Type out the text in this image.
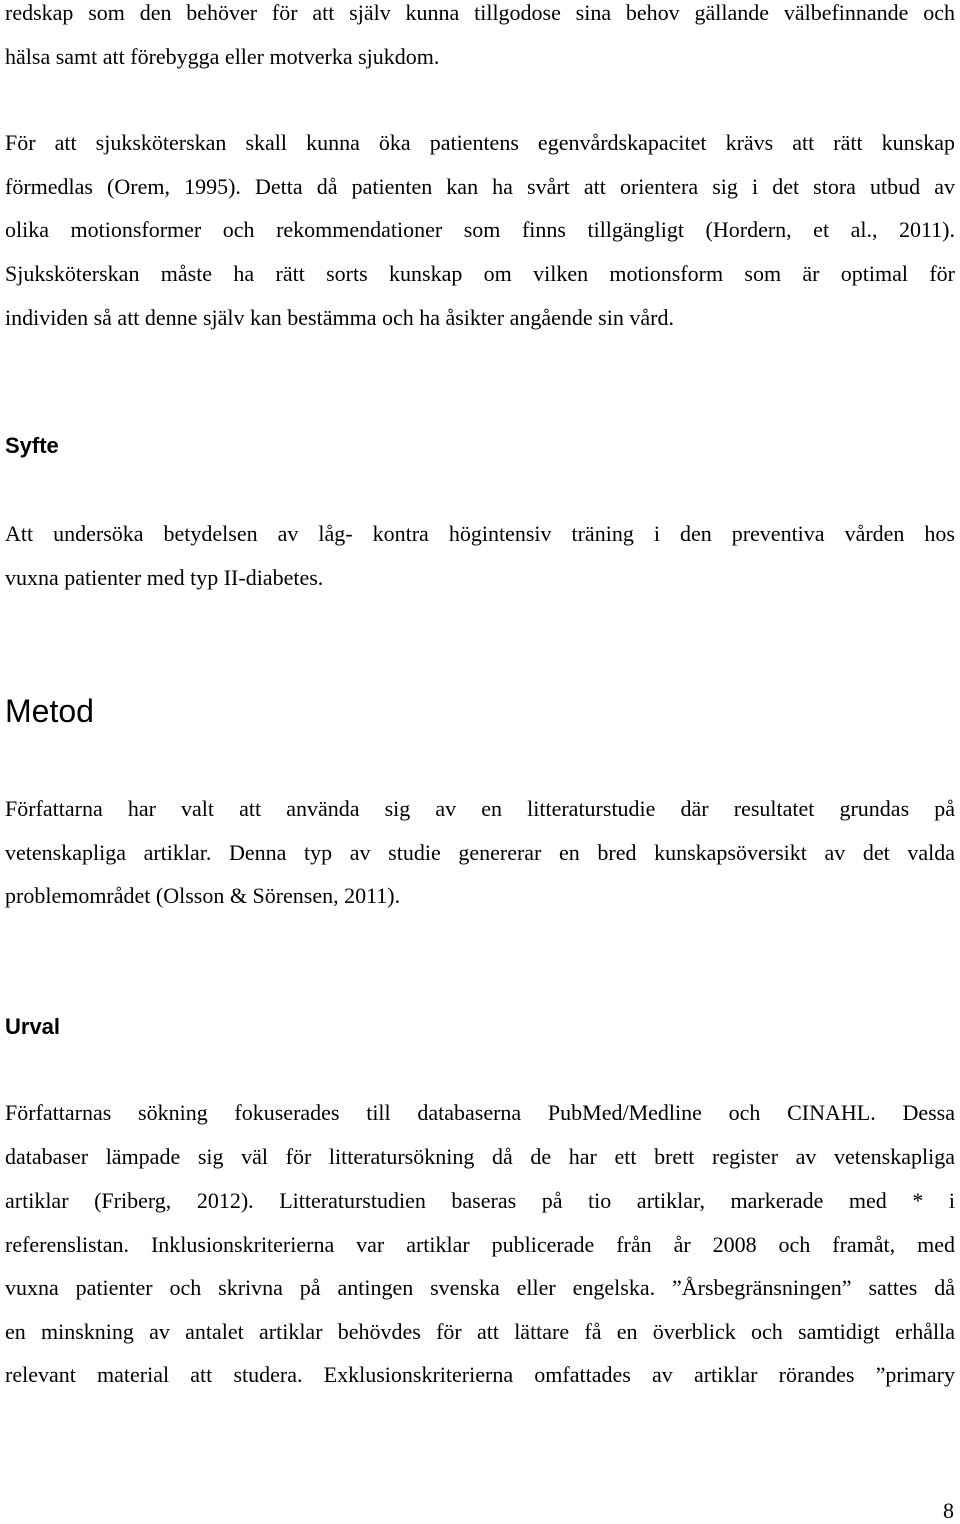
redskap som den behöver för att själv kunna tillgodose sina behov gällande välbefinnande och
hälsa samt att förebygga eller motverka sjukdom.
För att sjuksköterskan skall kunna öka patientens egenvårdskapacitet krävs att rätt kunskap
förmedlas (Orem, 1995). Detta då patienten kan ha svårt att orientera sig i det stora utbud av
olika motionsformer och rekommendationer som finns tillgängligt (Hordern, et al., 2011).
Sjuksköterskan måste ha rätt sorts kunskap om vilken motionsform som är optimal för
individen så att denne själv kan bestämma och ha åsikter angående sin vård.
Syfte
Att undersöka betydelsen av låg- kontra högintensiv träning i den preventiva vården hos
vuxna patienter med typ II-diabetes.
Metod
Författarna har valt att använda sig av en litteraturstudie där resultatet grundas på
vetenskapliga artiklar. Denna typ av studie genererar en bred kunskapsöversikt av det valda
problemområdet (Olsson & Sörensen, 2011).
Urval
Författarnas sökning fokuserades till databaserna PubMed/Medline och CINAHL. Dessa
databaser lämpade sig väl för litteratursökning då de har ett brett register av vetenskapliga
artiklar (Friberg, 2012). Litteraturstudien baseras på tio artiklar, markerade med * i
referenslistan. Inklusionskriterierna var artiklar publicerade från år 2008 och framåt, med
vuxna patienter och skrivna på antingen svenska eller engelska. ”Årsbegränsningen” sattes då
en minskning av antalet artiklar behövdes för att lättare få en överblick och samtidigt erhålla
relevant material att studera. Exklusionskriterierna omfattades av artiklar rörandes ”primary
8
